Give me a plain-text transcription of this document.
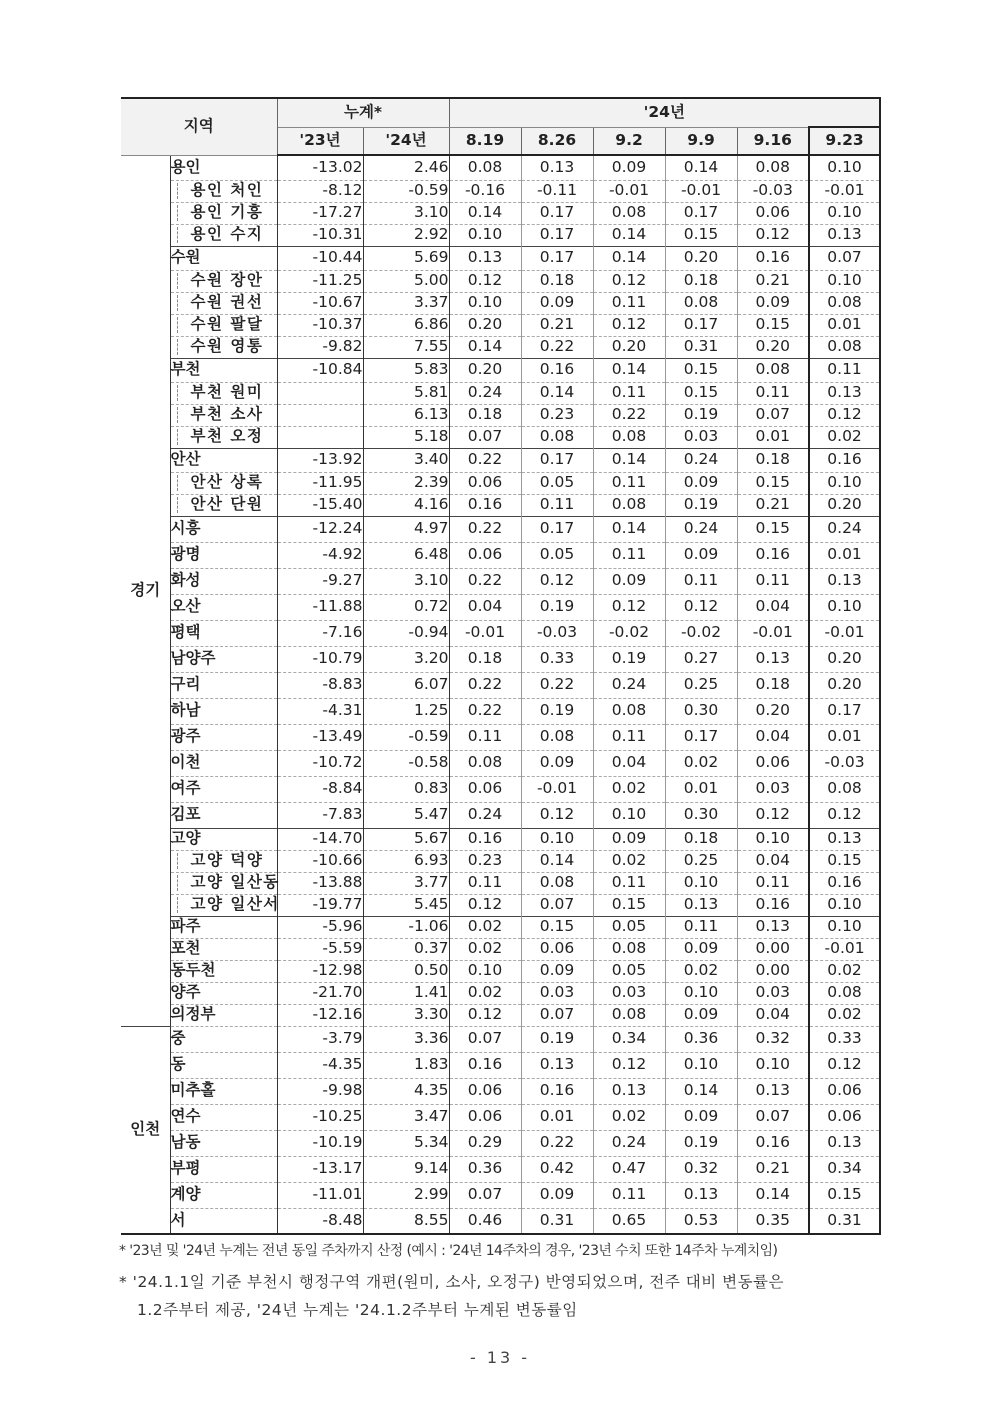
지역		누계*		'24년					
		'23년	'24년	8.19	8.26	9.2	9.9	9.16	9.23
경기	용인	-13.02	2.46	0.08	0.13	0.09	0.14	0.08	0.10
	용인 처인	-8.12	-0.59	-0.16	-0.11	-0.01	-0.01	-0.03	-0.01
	용인 기흥	-17.27	3.10	0.14	0.17	0.08	0.17	0.06	0.10
	용인 수지	-10.31	2.92	0.10	0.17	0.14	0.15	0.12	0.13
	수원	-10.44	5.69	0.13	0.17	0.14	0.20	0.16	0.07
	수원 장안	-11.25	5.00	0.12	0.18	0.12	0.18	0.21	0.10
	수원 권선	-10.67	3.37	0.10	0.09	0.11	0.08	0.09	0.08
	수원 팔달	-10.37	6.86	0.20	0.21	0.12	0.17	0.15	0.01
	수원 영통	-9.82	7.55	0.14	0.22	0.20	0.31	0.20	0.08
	부천	-10.84	5.83	0.20	0.16	0.14	0.15	0.08	0.11
	부천 원미		5.81	0.24	0.14	0.11	0.15	0.11	0.13
	부천 소사		6.13	0.18	0.23	0.22	0.19	0.07	0.12
	부천 오정		5.18	0.07	0.08	0.08	0.03	0.01	0.02
	안산	-13.92	3.40	0.22	0.17	0.14	0.24	0.18	0.16
	안산 상록	-11.95	2.39	0.06	0.05	0.11	0.09	0.15	0.10
	안산 단원	-15.40	4.16	0.16	0.11	0.08	0.19	0.21	0.20
	시흥	-12.24	4.97	0.22	0.17	0.14	0.24	0.15	0.24
	광명	-4.92	6.48	0.06	0.05	0.11	0.09	0.16	0.01
	화성	-9.27	3.10	0.22	0.12	0.09	0.11	0.11	0.13
	오산	-11.88	0.72	0.04	0.19	0.12	0.12	0.04	0.10
	평택	-7.16	-0.94	-0.01	-0.03	-0.02	-0.02	-0.01	-0.01
	남양주	-10.79	3.20	0.18	0.33	0.19	0.27	0.13	0.20
	구리	-8.83	6.07	0.22	0.22	0.24	0.25	0.18	0.20
	하남	-4.31	1.25	0.22	0.19	0.08	0.30	0.20	0.17
	광주	-13.49	-0.59	0.11	0.08	0.11	0.17	0.04	0.01
	이천	-10.72	-0.58	0.08	0.09	0.04	0.02	0.06	-0.03
	여주	-8.84	0.83	0.06	-0.01	0.02	0.01	0.03	0.08
	김포	-7.83	5.47	0.24	0.12	0.10	0.30	0.12	0.12
	고양	-14.70	5.67	0.16	0.10	0.09	0.18	0.10	0.13
	고양 덕양	-10.66	6.93	0.23	0.14	0.02	0.25	0.04	0.15
	고양 일산동	-13.88	3.77	0.11	0.08	0.11	0.10	0.11	0.16
	고양 일산서	-19.77	5.45	0.12	0.07	0.15	0.13	0.16	0.10
	파주	-5.96	-1.06	0.02	0.15	0.05	0.11	0.13	0.10
	포천	-5.59	0.37	0.02	0.06	0.08	0.09	0.00	-0.01
	동두천	-12.98	0.50	0.10	0.09	0.05	0.02	0.00	0.02
	양주	-21.70	1.41	0.02	0.03	0.03	0.10	0.03	0.08
	의정부	-12.16	3.30	0.12	0.07	0.08	0.09	0.04	0.02
인천	중	-3.79	3.36	0.07	0.19	0.34	0.36	0.32	0.33
	동	-4.35	1.83	0.16	0.13	0.12	0.10	0.10	0.12
	미추홀	-9.98	4.35	0.06	0.16	0.13	0.14	0.13	0.06
	연수	-10.25	3.47	0.06	0.01	0.02	0.09	0.07	0.06
	남동	-10.19	5.34	0.29	0.22	0.24	0.19	0.16	0.13
	부평	-13.17	9.14	0.36	0.42	0.47	0.32	0.21	0.34
	계양	-11.01	2.99	0.07	0.09	0.11	0.13	0.14	0.15
	서	-8.48	8.55	0.46	0.31	0.65	0.53	0.35	0.31
* '23년 및 '24년 누계는 전년 동일 주차까지 산정 (예시 : '24년 14주차의 경우, '23년 수치 또한 14주차 누계치임)
* '24.1.1일 기준 부천시 행정구역 개편(원미, 소사, 오정구) 반영되었으며, 전주 대비 변동률은
1.2주부터 제공, '24년 누계는 '24.1.2주부터 누계된 변동률임
- 13 -
